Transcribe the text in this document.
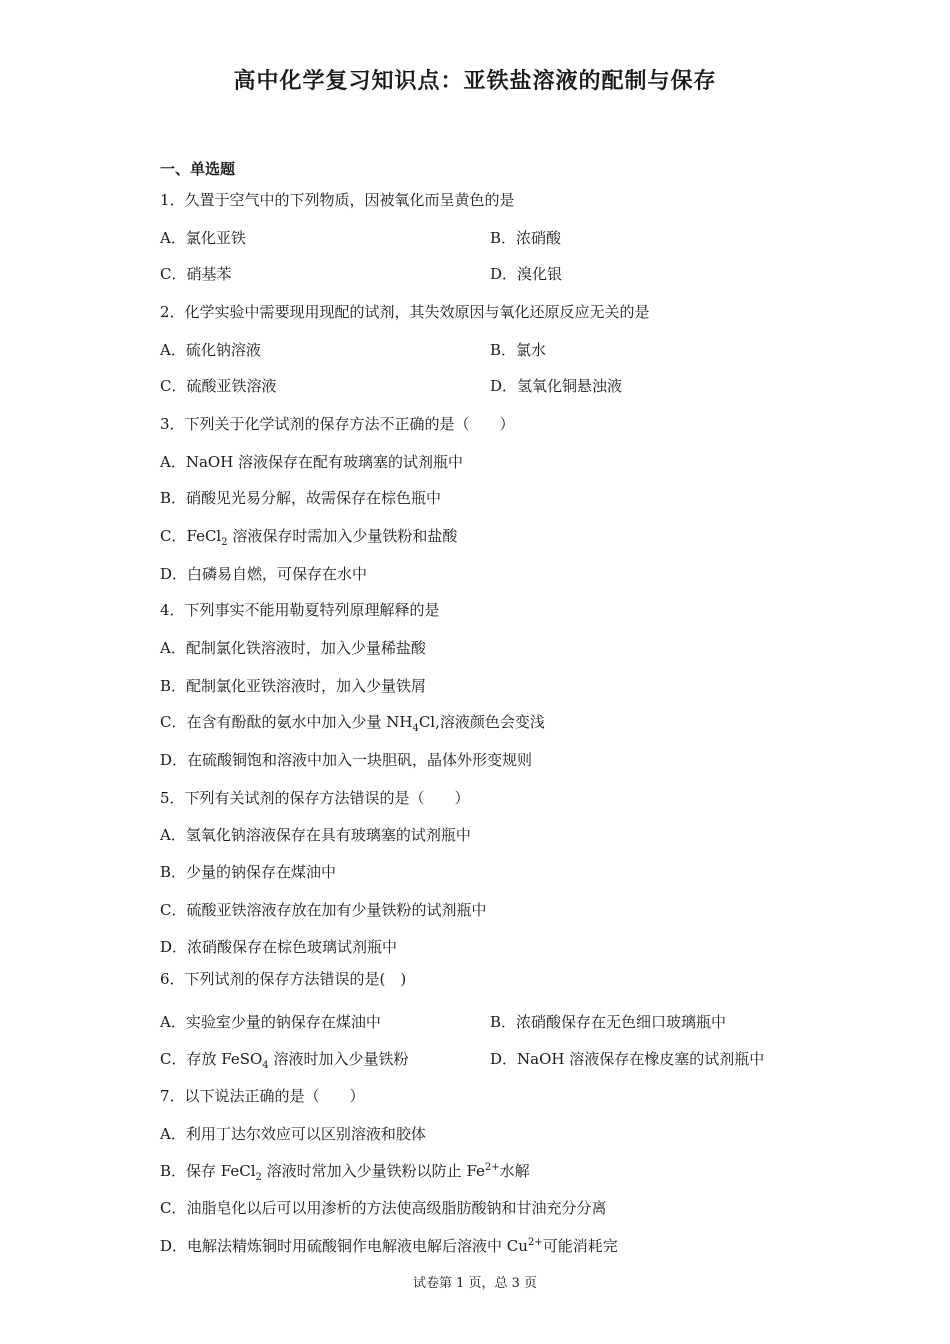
高中化学复习知识点：亚铁盐溶液的配制与保存
一、单选题
1．久置于空气中的下列物质，因被氧化而呈黄色的是
A．氯化亚铁	B．浓硝酸
C．硝基苯	D．溴化银
2．化学实验中需要现用现配的试剂，其失效原因与氧化还原反应无关的是
A．硫化钠溶液	B．氯水
C．硫酸亚铁溶液	D．氢氧化铜悬浊液
3．下列关于化学试剂的保存方法不正确的是（　　）
A．NaOH 溶液保存在配有玻璃塞的试剂瓶中
B．硝酸见光易分解，故需保存在棕色瓶中
C．FeCl$_2$ 溶液保存时需加入少量铁粉和盐酸
D．白磷易自燃，可保存在水中
4．下列事实不能用勒夏特列原理解释的是
A．配制氯化铁溶液时，加入少量稀盐酸
B．配制氯化亚铁溶液时，加入少量铁屑
C．在含有酚酞的氨水中加入少量 $NH_4Cl$,溶液颜色会变浅
D．在硫酸铜饱和溶液中加入一块胆矾，晶体外形变规则
5．下列有关试剂的保存方法错误的是（　　）
A．氢氧化钠溶液保存在具有玻璃塞的试剂瓶中
B．少量的钠保存在煤油中
C．硫酸亚铁溶液存放在加有少量铁粉的试剂瓶中
D．浓硝酸保存在棕色玻璃试剂瓶中
6．下列试剂的保存方法错误的是(　)
A．实验室少量的钠保存在煤油中	B．浓硝酸保存在无色细口玻璃瓶中
C．存放 FeSO$_4$ 溶液时加入少量铁粉	D．NaOH 溶液保存在橡皮塞的试剂瓶中
7．以下说法正确的是（　　）
A．利用丁达尔效应可以区别溶液和胶体
B．保存 FeCl$_2$ 溶液时常加入少量铁粉以防止 $Fe^{2+}$水解
C．油脂皂化以后可以用渗析的方法使高级脂肪酸钠和甘油充分分离
D．电解法精炼铜时用硫酸铜作电解液电解后溶液中 $Cu^{2+}$可能消耗完
试卷第 1 页，总 3 页
